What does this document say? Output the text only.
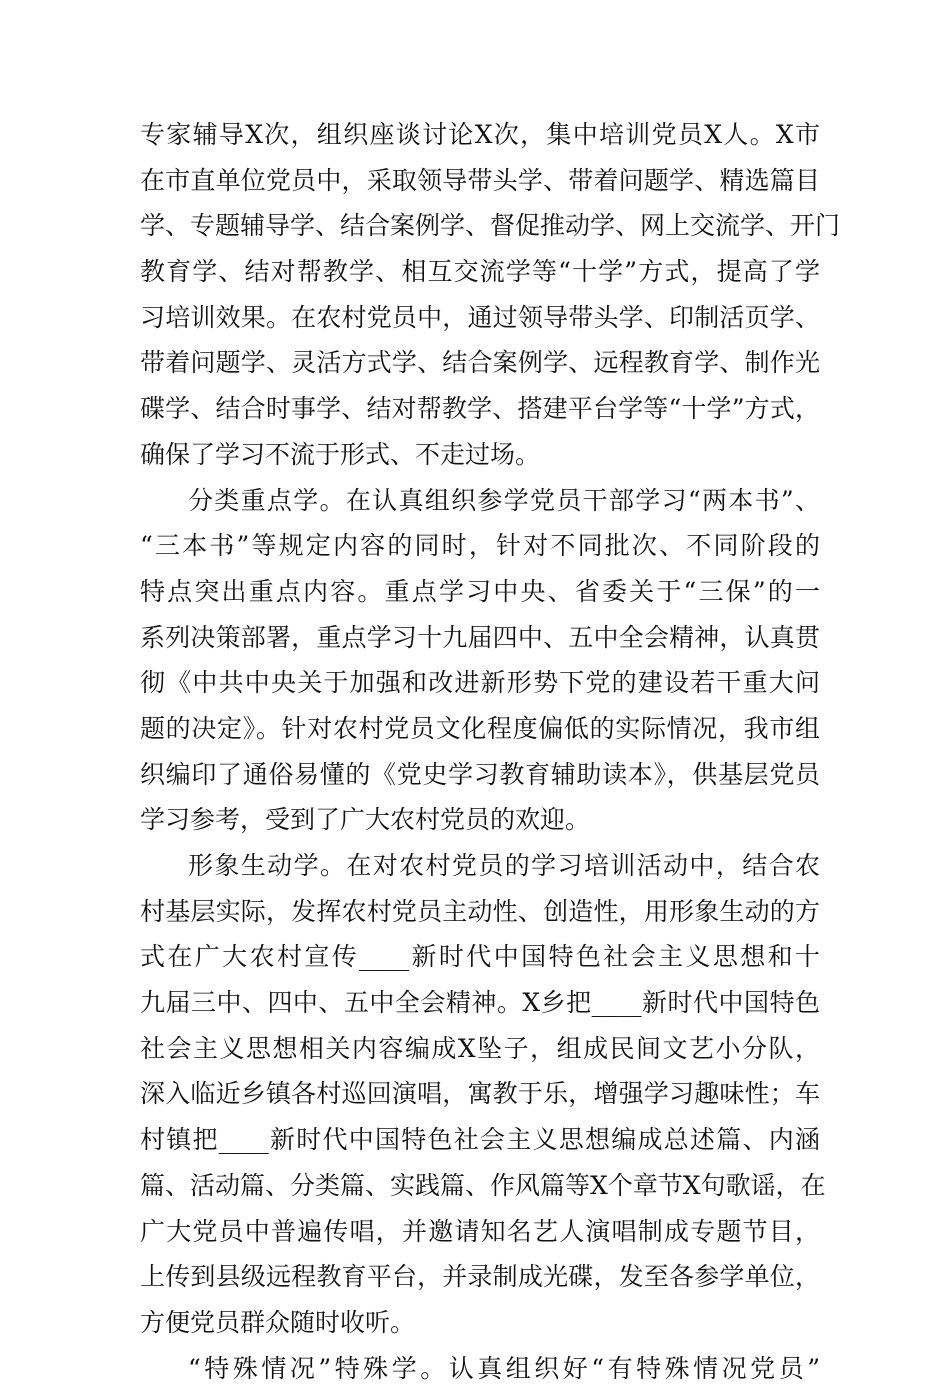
专家辅导X次，组织座谈讨论X次，集中培训党员X人。X市
在市直单位党员中，采取领导带头学、带着问题学、精选篇目
学、专题辅导学、结合案例学、督促推动学、网上交流学、开门
教育学、结对帮教学、相互交流学等“十学”方式，提高了学
习培训效果。在农村党员中，通过领导带头学、印制活页学、
带着问题学、灵活方式学、结合案例学、远程教育学、制作光
碟学、结合时事学、结对帮教学、搭建平台学等“十学”方式，
确保了学习不流于形式、不走过场。
分类重点学。在认真组织参学党员干部学习“两本书”、
“三本书”等规定内容的同时，针对不同批次、不同阶段的
特点突出重点内容。重点学习中央、省委关于“三保”的一
系列决策部署，重点学习十九届四中、五中全会精神，认真贯
彻《中共中央关于加强和改进新形势下党的建设若干重大问
题的决定》。针对农村党员文化程度偏低的实际情况，我市组
织编印了通俗易懂的《党史学习教育辅助读本》，供基层党员
学习参考，受到了广大农村党员的欢迎。
形象生动学。在对农村党员的学习培训活动中，结合农
村基层实际，发挥农村党员主动性、创造性，用形象生动的方
式在广大农村宣传____新时代中国特色社会主义思想和十
九届三中、四中、五中全会精神。X乡把____新时代中国特色
社会主义思想相关内容编成X坠子，组成民间文艺小分队，
深入临近乡镇各村巡回演唱，寓教于乐，增强学习趣味性；车
村镇把____新时代中国特色社会主义思想编成总述篇、内涵
篇、活动篇、分类篇、实践篇、作风篇等X个章节X句歌谣，在
广大党员中普遍传唱，并邀请知名艺人演唱制成专题节目，
上传到县级远程教育平台，并录制成光碟，发至各参学单位，
方便党员群众随时收听。
“特殊情况”特殊学。认真组织好“有特殊情况党员”
